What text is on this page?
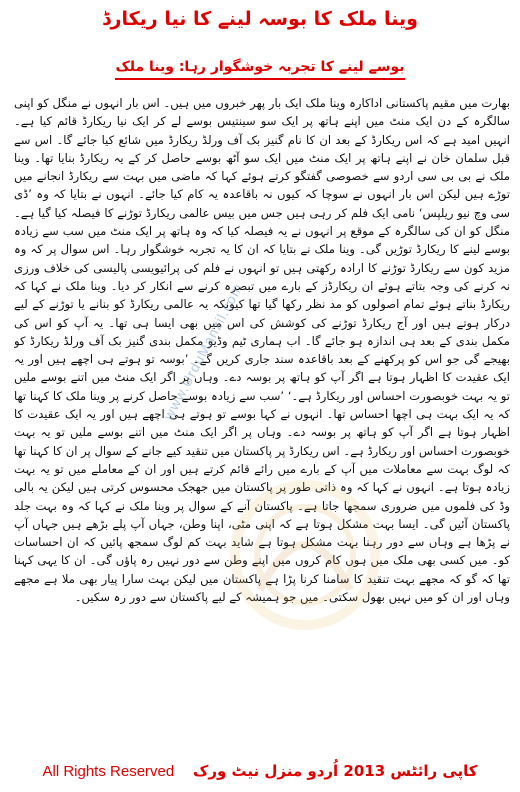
وینا ملک کا بوسہ لینے کا نیا ریکارڈ
بوسے لینے کا تجربہ خوشگوار رہا: وینا ملک

بھارت میں مقیم پاکستانی اداکارہ وینا ملک ایک بار پھر خبروں میں ہیں۔ اس بار انہوں نے منگل کو اپنی سالگرہ کے دن ایک منٹ میں اپنے ہاتھ پر ایک سو سینتیس بوسے لے کر ایک نیا ریکارڈ قائم کیا ہے۔ انہیں امید ہے کہ اس ریکارڈ کے بعد ان کا نام گنیز بک آف ورلڈ ریکارڈ میں شائع کیا جائے گا۔ اس سے قبل سلمان خان نے اپنے ہاتھ پر ایک منٹ میں ایک سو آٹھ بوسے حاصل کر کے یہ ریکارڈ بنایا تھا۔ وینا ملک نے بی بی سی اردو سے خصوصی گفتگو کرتے ہوئے کہا کہ ماضی میں بہت سے ریکارڈ انجانے میں توڑے ہیں لیکن اس بار انہوں نے سوچا کہ کیوں نہ باقاعدہ یہ کام کیا جائے۔ انہوں نے بتایا کہ وہ ’ڈی سی وچ نیو ریلپس‘ نامی ایک فلم کر رہی ہیں جس میں بیس عالمی ریکارڈ توڑنے کا فیصلہ کیا گیا ہے۔ منگل کو ان کی سالگرہ کے موقع پر انہوں نے یہ فیصلہ کیا کہ وہ ہاتھ پر ایک منٹ میں سب سے زیادہ بوسے لینے کا ریکارڈ توڑیں گی۔ وینا ملک نے بتایا کہ ان کا یہ تجربہ خوشگوار رہا۔ اس سوال پر کہ وہ مزید کون سے ریکارڈ توڑنے کا ارادہ رکھتی ہیں تو انہوں نے فلم کی پرائیویسی پالیسی کی خلاف ورزی نہ کرنے کی وجہ بتاتے ہوئے ان ریکارڈز کے بارے میں تبصرہ کرنے سے انکار کر دیا۔ وینا ملک نے کہا کہ ریکارڈ بناتے ہوئے تمام اصولوں کو مد نظر رکھا گیا تھا کیونکہ یہ عالمی ریکارڈ کو بنانے یا توڑنے کے لیے درکار ہوتے ہیں اور آج ریکارڈ توڑنے کی کوشش کی اس میں بھی ایسا ہی تھا۔ یہ آپ کو اس کی مکمل بندی کے بعد ہی اندازہ ہو جائے گا۔ اب ہماری ٹیم وڈیو مکمل بندی گنیز بک آف ورلڈ ریکارڈ کو بھیجے گی جو اس کو پرکھنے کے بعد باقاعدہ سند جاری کریں گے۔ ’بوسہ تو ہوتے ہی اچھے ہیں اور یہ ایک عقیدت کا اظہار ہوتا ہے اگر آپ کو ہاتھ پر بوسہ دے۔ وہاں پر اگر ایک منٹ میں اتنے بوسے ملیں تو یہ بہت خوبصورت احساس اور ریکارڈ ہے۔‘ ’سب سے زیادہ بوسے حاصل کرنے پر وینا ملک کا کہنا تھا کہ یہ ایک بہت ہی اچھا احساس تھا۔ انہوں نے کہا بوسے تو ہوتے ہی اچھے ہیں اور یہ ایک عقیدت کا اظہار ہوتا ہے اگر آپ کو ہاتھ پر بوسہ دے۔ وہاں پر اگر ایک منٹ میں اتنے بوسے ملیں تو یہ بہت خوبصورت احساس اور ریکارڈ ہے۔ اس ریکارڈ پر پاکستان میں تنقید کیے جانے کے سوال پر ان کا کہنا تھا کہ لوگ بہت سے معاملات میں آپ کے بارے میں رائے قائم کرتے ہیں اور ان کے معاملے میں تو یہ بہت زیادہ ہوتا ہے۔ انہوں نے کہا کہ وہ ذاتی طور پر پاکستان میں جھجک محسوس کرتی ہیں لیکن یہ بالی وڈ کی فلموں میں ضروری سمجھا جاتا ہے۔ پاکستان آنے کے سوال پر وینا ملک نے کہا کہ وہ بہت جلد پاکستان آئیں گی۔ ایسا بہت مشکل ہوتا ہے کہ اپنی مٹی، اپنا وطن، جہاں آپ پلے بڑھے ہیں جہاں آپ نے پڑھا ہے وہاں سے دور رہنا بہت مشکل ہوتا ہے شاید بہت کم لوگ سمجھ پائیں کہ ان احساسات کو۔ میں کسی بھی ملک میں ہوں کام کروں میں اپنے وطن سے دور نہیں رہ پاؤں گی۔ ان کا یہی کہنا تھا کہ گو کہ مجھے بہت تنقید کا سامنا کرنا پڑا ہے پاکستان میں لیکن بہت سارا پیار بھی ملا ہے مجھے وہاں اور ان کو میں نہیں بھول سکتی۔ میں جو ہمیشہ کے لیے پاکستان سے دور رہ سکیں۔

www.UrduManzil.com
All Rights Reserved کاپی رائٹس 2013 اُردو منزل نیٹ ورک
